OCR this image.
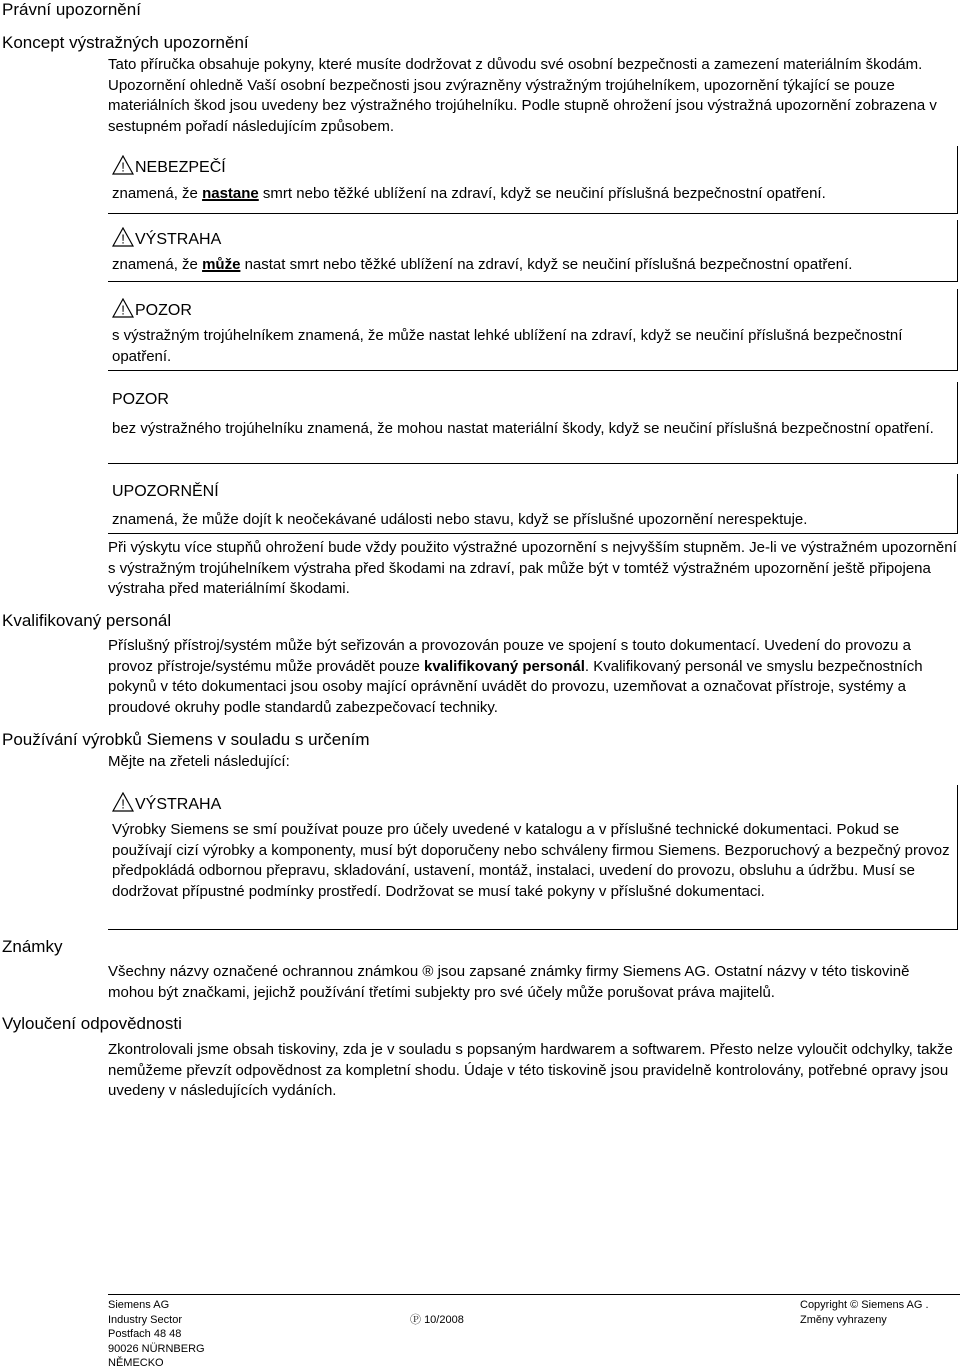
Právní upozornění
Koncept výstražných upozornění

Tato příručka obsahuje pokyny, které musíte dodržovat z důvodu své osobní bezpečnosti a zamezení materiálním škodám. Upozornění ohledně Vaší osobní bezpečnosti jsou zvýrazněny výstražným trojúhelníkem, upozornění týkající se pouze materiálních škod jsou uvedeny bez výstražného trojúhelníku. Podle stupně ohrožení jsou výstražná upozornění zobrazena v sestupném pořadí následujícím způsobem.

! NEBEZPEČÍ
znamená, že nastane smrt nebo těžké ublížení na zdraví, když se neučiní příslušná bezpečnostní opatření.
! VÝSTRAHA
znamená, že může nastat smrt nebo těžké ublížení na zdraví, když se neučiní příslušná bezpečnostní opatření.
! POZOR
s výstražným trojúhelníkem znamená, že může nastat lehké ublížení na zdraví, když se neučiní příslušná bezpečnostní opatření.
POZOR
bez výstražného trojúhelníku znamená, že mohou nastat materiální škody, když se neučiní příslušná bezpečnostní opatření.
UPOZORNĚNÍ
znamená, že může dojít k neočekávané události nebo stavu, když se příslušné upozornění nerespektuje.

Při výskytu více stupňů ohrožení bude vždy použito výstražné upozornění s nejvyšším stupněm. Je-li ve výstražném upozornění s výstražným trojúhelníkem výstraha před škodami na zdraví, pak může být v tomtéž výstražném upozornění ještě připojena výstraha před materiálnímí škodami.

Kvalifikovaný personál

Příslušný přístroj/systém může být seřizován a provozován pouze ve spojení s touto dokumentací. Uvedení do provozu a provoz přístroje/systému může provádět pouze kvalifikovaný personál. Kvalifikovaný personál ve smyslu bezpečnostních pokynů v této dokumentaci jsou osoby mající oprávnění uvádět do provozu, uzemňovat a označovat přístroje, systémy a proudové okruhy podle standardů zabezpečovací techniky.

Používání výrobků Siemens v souladu s určením

Mějte na zřeteli následující:

! VÝSTRAHA
Výrobky Siemens se smí používat pouze pro účely uvedené v katalogu a v příslušné technické dokumentaci. Pokud se používají cizí výrobky a komponenty, musí být doporučeny nebo schváleny firmou Siemens. Bezporuchový a bezpečný provoz předpokládá odbornou přepravu, skladování, ustavení, montáž, instalaci, uvedení do provozu, obsluhu a údržbu. Musí se dodržovat přípustné podmínky prostředí. Dodržovat se musí také pokyny v příslušné dokumentaci.
Známky

Všechny názvy označené ochrannou známkou ® jsou zapsané známky firmy Siemens AG. Ostatní názvy v této tiskovině mohou být značkami, jejichž používání třetími subjekty pro své účely může porušovat práva majitelů.

Vyloučení odpovědnosti

Zkontrolovali jsme obsah tiskoviny, zda je v souladu s popsaným hardwarem a softwarem. Přesto nelze vyloučit odchylky, takže nemůžeme převzít odpovědnost za kompletní shodu. Údaje v této tiskovině jsou pravidelně kontrolovány, potřebné opravy jsou uvedeny v následujících vydáních.

Siemens AG
Industry Sector
Postfach 48 48
90026 NÜRNBERG
NĚMECKO
Ⓟ 10/2008
Copyright © Siemens AG .
Změny vyhrazeny
